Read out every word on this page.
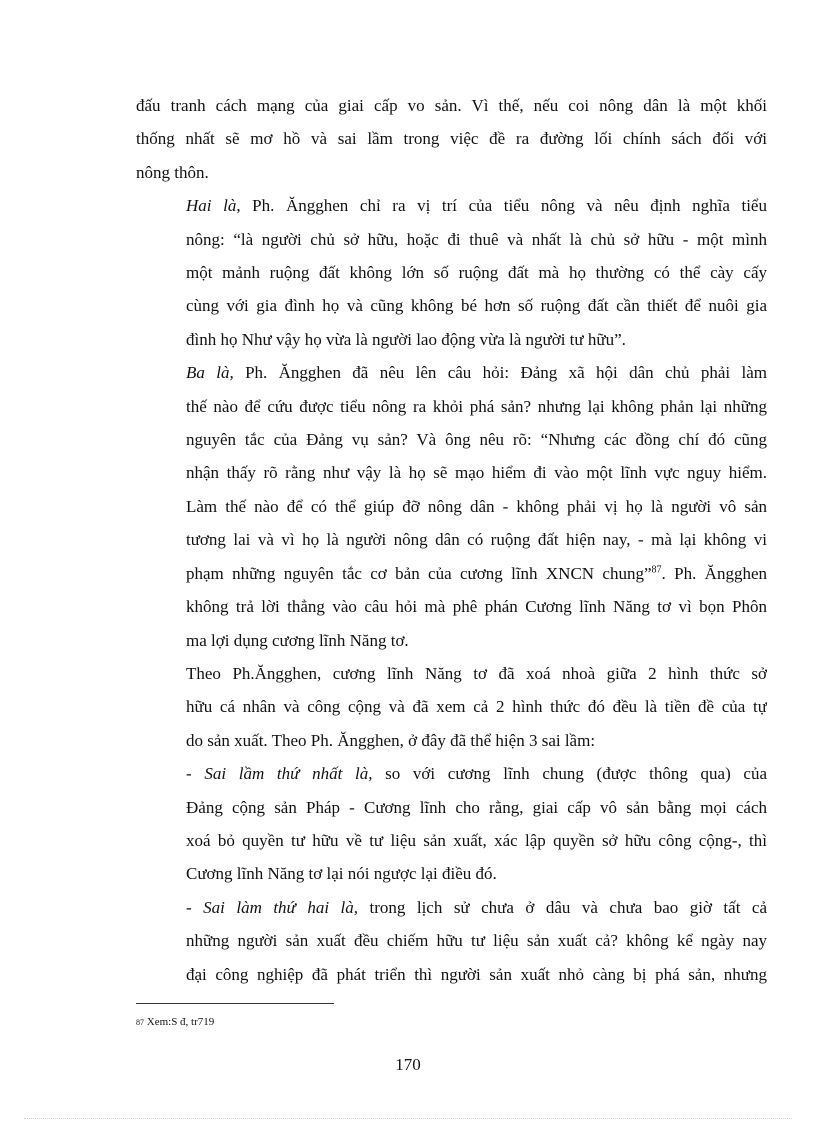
đấu tranh cách mạng của giai cấp vo sản. Vì thế, nếu coi nông dân là một khối
thống nhất sẽ mơ hồ và sai lầm trong việc đề ra đường lối chính sách đối với
nông thôn.

Hai là, Ph. Ăngghen chỉ ra vị trí của tiểu nông và nêu định nghĩa tiểu
nông: “là người chủ sở hữu, hoặc đi thuê và nhất là chủ sở hữu - một mình
một mảnh ruộng đất không lớn số ruộng đất mà họ thường có thể cày cấy
cùng với gia đình họ và cũng không bé hơn số ruộng đất cần thiết để nuôi gia
đình họ Như vậy họ vừa là người lao động vừa là người tư hữu”.

Ba là, Ph. Ăngghen đã nêu lên câu hỏi: Đảng xã hội dân chủ phải làm
thế nào để cứu được tiểu nông ra khỏi phá sản? nhưng lại không phản lại những
nguyên tắc của Đảng vụ sản? Và ông nêu rõ: “Nhưng các đồng chí đó cũng
nhận thấy rõ rằng như vậy là họ sẽ mạo hiểm đi vào một lĩnh vực nguy hiểm.
Làm thế nào để có thể giúp đỡ nông dân - không phải vị họ là người vô sản
tương lai và vì họ là người nông dân có ruộng đất hiện nay, - mà lại không vi
phạm những nguyên tắc cơ bản của cương lĩnh XNCN chung”$^{87}$. Ph. Ăngghen
không trả lời thẳng vào câu hỏi mà phê phán Cương lĩnh Năng tơ vì bọn Phôn
ma lợi dụng cương lĩnh Năng tơ.

Theo Ph.Ăngghen, cương lĩnh Năng tơ đã xoá nhoà giữa 2 hình thức sở
hữu cá nhân và công cộng và đã xem cả 2 hình thức đó đều là tiền đề của tự
do sản xuất. Theo Ph. Ăngghen, ở đây đã thể hiện 3 sai lầm:

- Sai lầm thứ nhất là, so với cương lĩnh chung (được thông qua) của
Đảng cộng sản Pháp - Cương lĩnh cho rằng, giai cấp vô sản bằng mọi cách
xoá bỏ quyền tư hữu về tư liệu sản xuất, xác lập quyền sở hữu công cộng-, thì
Cương lĩnh Năng tơ lại nói ngược lại điều đó.

- Sai làm thứ hai là, trong lịch sử chưa ở dâu và chưa bao giờ tất cả
những người sản xuất đều chiếm hữu tư liệu sản xuất cả? không kể ngày nay
đại công nghiệp đã phát triển thì người sản xuất nhỏ càng bị phá sản, nhưng

87 Xem:S đ, tr719
170
